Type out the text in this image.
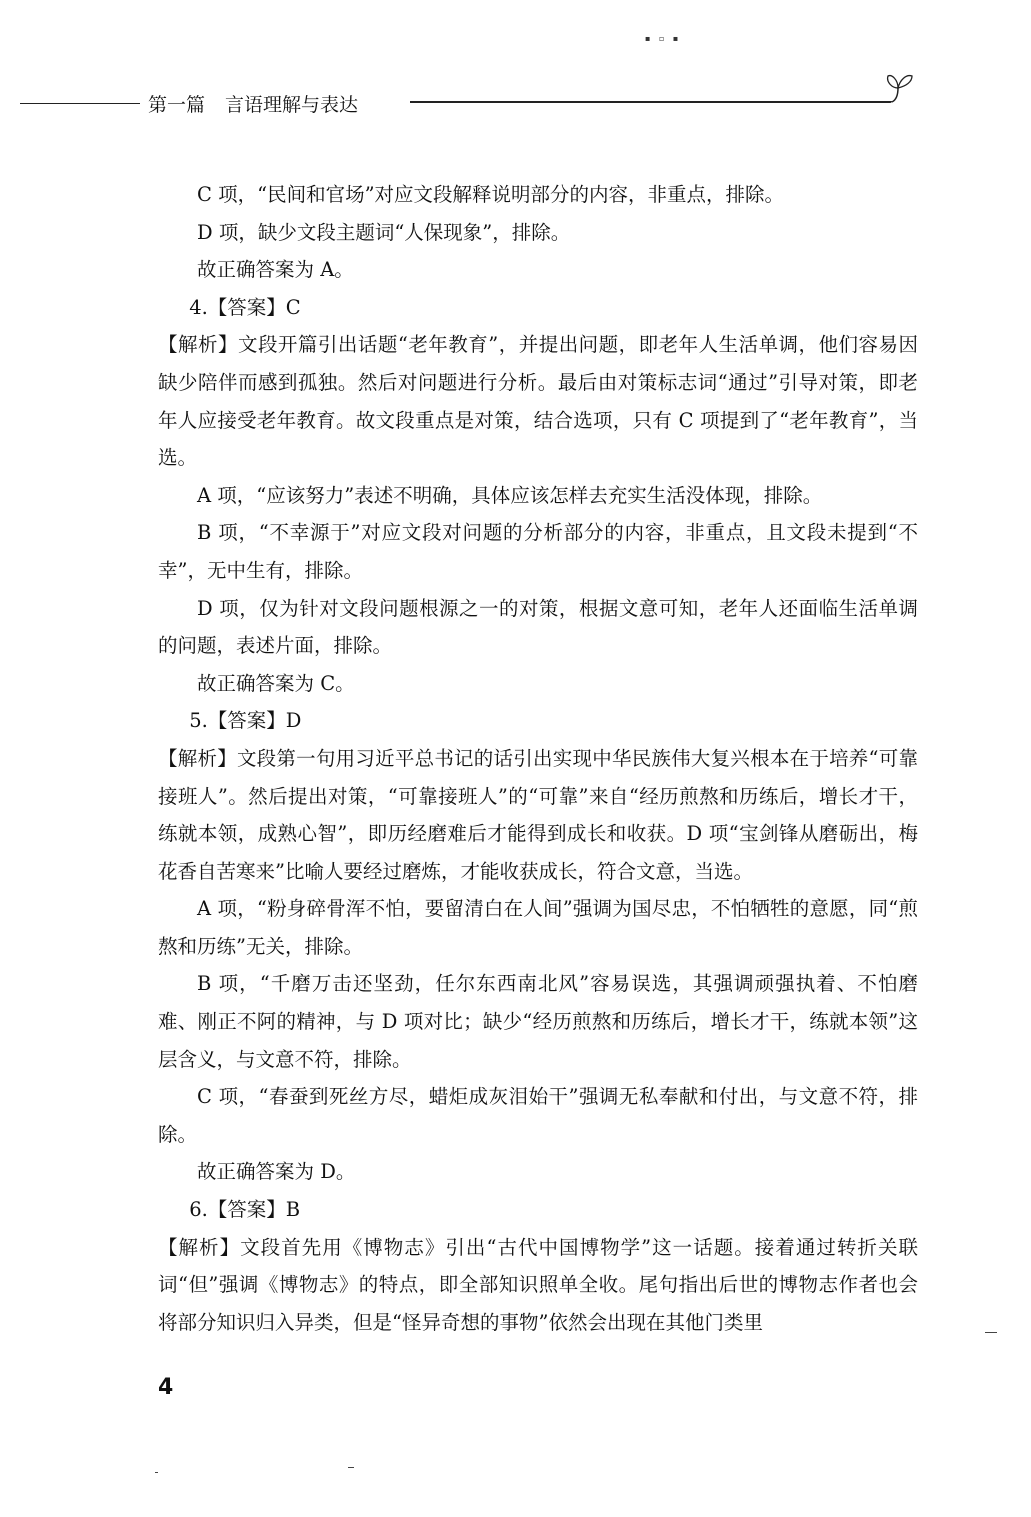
▪ ▫ ▪
第一篇 言语理解与表达

C 项，“民间和官场”对应文段解释说明部分的内容，非重点，排除。

D 项，缺少文段主题词“人保现象”，排除。

故正确答案为 A。

4.【答案】C

【解析】文段开篇引出话题“老年教育”，并提出问题，即老年人生活单调，他们容易因缺少陪伴而感到孤独。然后对问题进行分析。最后由对策标志词“通过”引导对策，即老年人应接受老年教育。故文段重点是对策，结合选项，只有 C 项提到了“老年教育”，当选。

A 项，“应该努力”表述不明确，具体应该怎样去充实生活没体现，排除。

B 项，“不幸源于”对应文段对问题的分析部分的内容，非重点，且文段未提到“不幸”，无中生有，排除。

D 项，仅为针对文段问题根源之一的对策，根据文意可知，老年人还面临生活单调的问题，表述片面，排除。

故正确答案为 C。

5.【答案】D

【解析】文段第一句用习近平总书记的话引出实现中华民族伟大复兴根本在于培养“可靠接班人”。然后提出对策，“可靠接班人”的“可靠”来自“经历煎熬和历练后，增长才干，练就本领，成熟心智”，即历经磨难后才能得到成长和收获。D 项“宝剑锋从磨砺出，梅花香自苦寒来”比喻人要经过磨炼，才能收获成长，符合文意，当选。

A 项，“粉身碎骨浑不怕，要留清白在人间”强调为国尽忠，不怕牺牲的意愿，同“煎熬和历练”无关，排除。

B 项，“千磨万击还坚劲，任尔东西南北风”容易误选，其强调顽强执着、不怕磨难、刚正不阿的精神，与 D 项对比；缺少“经历煎熬和历练后，增长才干，练就本领”这层含义，与文意不符，排除。

C 项，“春蚕到死丝方尽，蜡炬成灰泪始干”强调无私奉献和付出，与文意不符，排除。

故正确答案为 D。

6.【答案】B

【解析】文段首先用《博物志》引出“古代中国博物学”这一话题。接着通过转折关联词“但”强调《博物志》的特点，即全部知识照单全收。尾句指出后世的博物志作者也会将部分知识归入异类，但是“怪异奇想的事物”依然会出现在其他门类里

4
